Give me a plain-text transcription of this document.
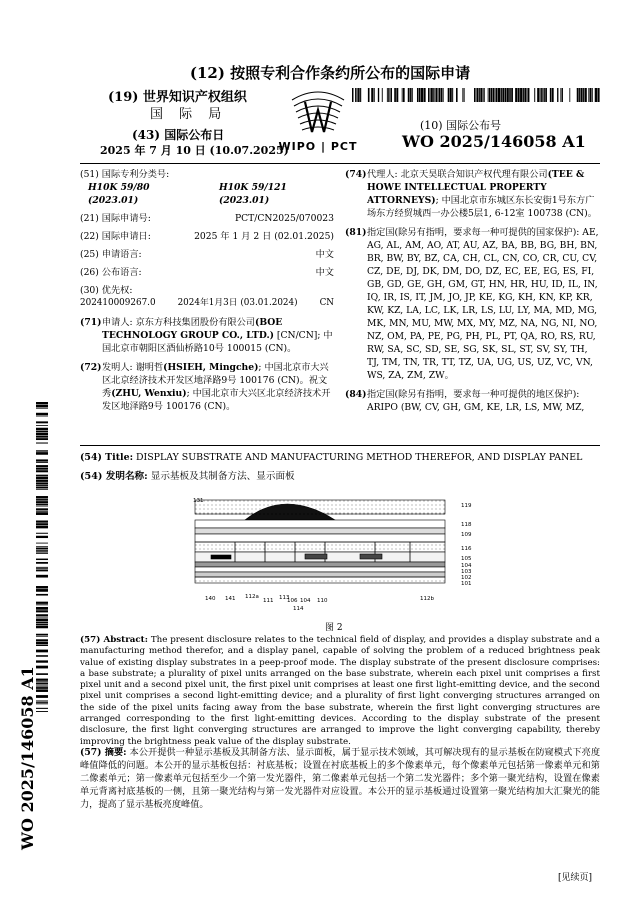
(12) 按照专利合作条约所公布的国际申请
(19) 世界知识产权组织
国 际 局
WIPO | PCT
(43) 国际公布日
2025 年 7 月 10 日 (10.07.2025)
(10) 国际公布号
WO 2025/146058 A1
(51) 国际专利分类号:
H10K 59/80 (2023.01)
H10K 59/121 (2023.01)
(21) 国际申请号:	PCT/CN2025/070023
(22) 国际申请日:	2025 年 1 月 2 日 (02.01.2025)
(25) 申请语言:	中文
(26) 公布语言:	中文
(30) 优先权:
202410009267.0	2024年1月3日 (03.01.2024)	CN
(71) 申请人: 京东方科技集团股份有限公司(BOE TECHNOLOGY GROUP CO., LTD.) [CN/CN]; 中国北京市朝阳区酒仙桥路10号 100015 (CN)。
(72) 发明人: 谢明哲(HSIEH, Mingche); 中国北京市大兴区北京经济技术开发区地泽路9号 100176 (CN)。祝文秀(ZHU, Wenxiu); 中国北京市大兴区北京经济技术开发区地泽路9号 100176 (CN)。
(74) 代理人: 北京天昊联合知识产权代理有限公司(TEE & HOWE INTELLECTUAL PROPERTY ATTORNEYS); 中国北京市东城区东长安街1号东方广场东方经贸城西一办公楼5层1, 6-12室 100738 (CN)。
(81) 指定国(除另有指明，要求每一种可提供的国家保护): AE, AG, AL, AM, AO, AT, AU, AZ, BA, BB, BG, BH, BN, BR, BW, BY, BZ, CA, CH, CL, CN, CO, CR, CU, CV, CZ, DE, DJ, DK, DM, DO, DZ, EC, EE, EG, ES, FI, GB, GD, GE, GH, GM, GT, HN, HR, HU, ID, IL, IN, IQ, IR, IS, IT, JM, JO, JP, KE, KG, KH, KN, KP, KR, KW, KZ, LA, LC, LK, LR, LS, LU, LY, MA, MD, MG, MK, MN, MU, MW, MX, MY, MZ, NA, NG, NI, NO, NZ, OM, PA, PE, PG, PH, PL, PT, QA, RO, RS, RU, RW, SA, SC, SD, SE, SG, SK, SL, ST, SV, SY, TH, TJ, TM, TN, TR, TT, TZ, UA, UG, US, UZ, VC, VN, WS, ZA, ZM, ZW。
(84) 指定国(除另有指明，要求每一种可提供的地区保护): ARIPO (BW, CV, GH, GM, KE, LR, LS, MW, MZ,
(54) Title: DISPLAY SUBSTRATE AND MANUFACTURING METHOD THEREFOR, AND DISPLAY PANEL
(54) 发明名称: 显示基板及其制备方法、显示面板
131
119
118
109
116
105
104
103
102
101
140 141 112a
111 113
106 104
114
110	112b
图 2
(57) Abstract: The present disclosure relates to the technical field of display, and provides a display substrate and a manufacturing method therefor, and a display panel, capable of solving the problem of a reduced brightness peak value of existing display substrates in a peep-proof mode. The display substrate of the present disclosure comprises: a base substrate; a plurality of pixel units arranged on the base substrate, wherein each pixel unit comprises a first pixel unit and a second pixel unit, the first pixel unit comprises at least one first light-emitting device, and the second pixel unit comprises a second light-emitting device; and a plurality of first light converging structures arranged on the side of the pixel units facing away from the base substrate, wherein the first light converging structures are arranged corresponding to the first light-emitting devices. According to the display substrate of the present disclosure, the first light converging structures are arranged to improve the light converging capability, thereby improving the brightness peak value of the display substrate.
(57) 摘要: 本公开提供一种显示基板及其制备方法、显示面板，属于显示技术领域，其可解决现有的显示基板在防窥模式下亮度峰值降低的问题。本公开的显示基板包括：衬底基板；设置在衬底基板上的多个像素单元，每个像素单元包括第一像素单元和第二像素单元；第一像素单元包括至少一个第一发光器件，第二像素单元包括一个第二发光器件；多个第一聚光结构，设置在像素单元背离衬底基板的一侧，且第一聚光结构与第一发光器件对应设置。本公开的显示基板通过设置第一聚光结构加大汇聚光的能力，提高了显示基板亮度峰值。
[见续页]
WO 2025/146058 A1
